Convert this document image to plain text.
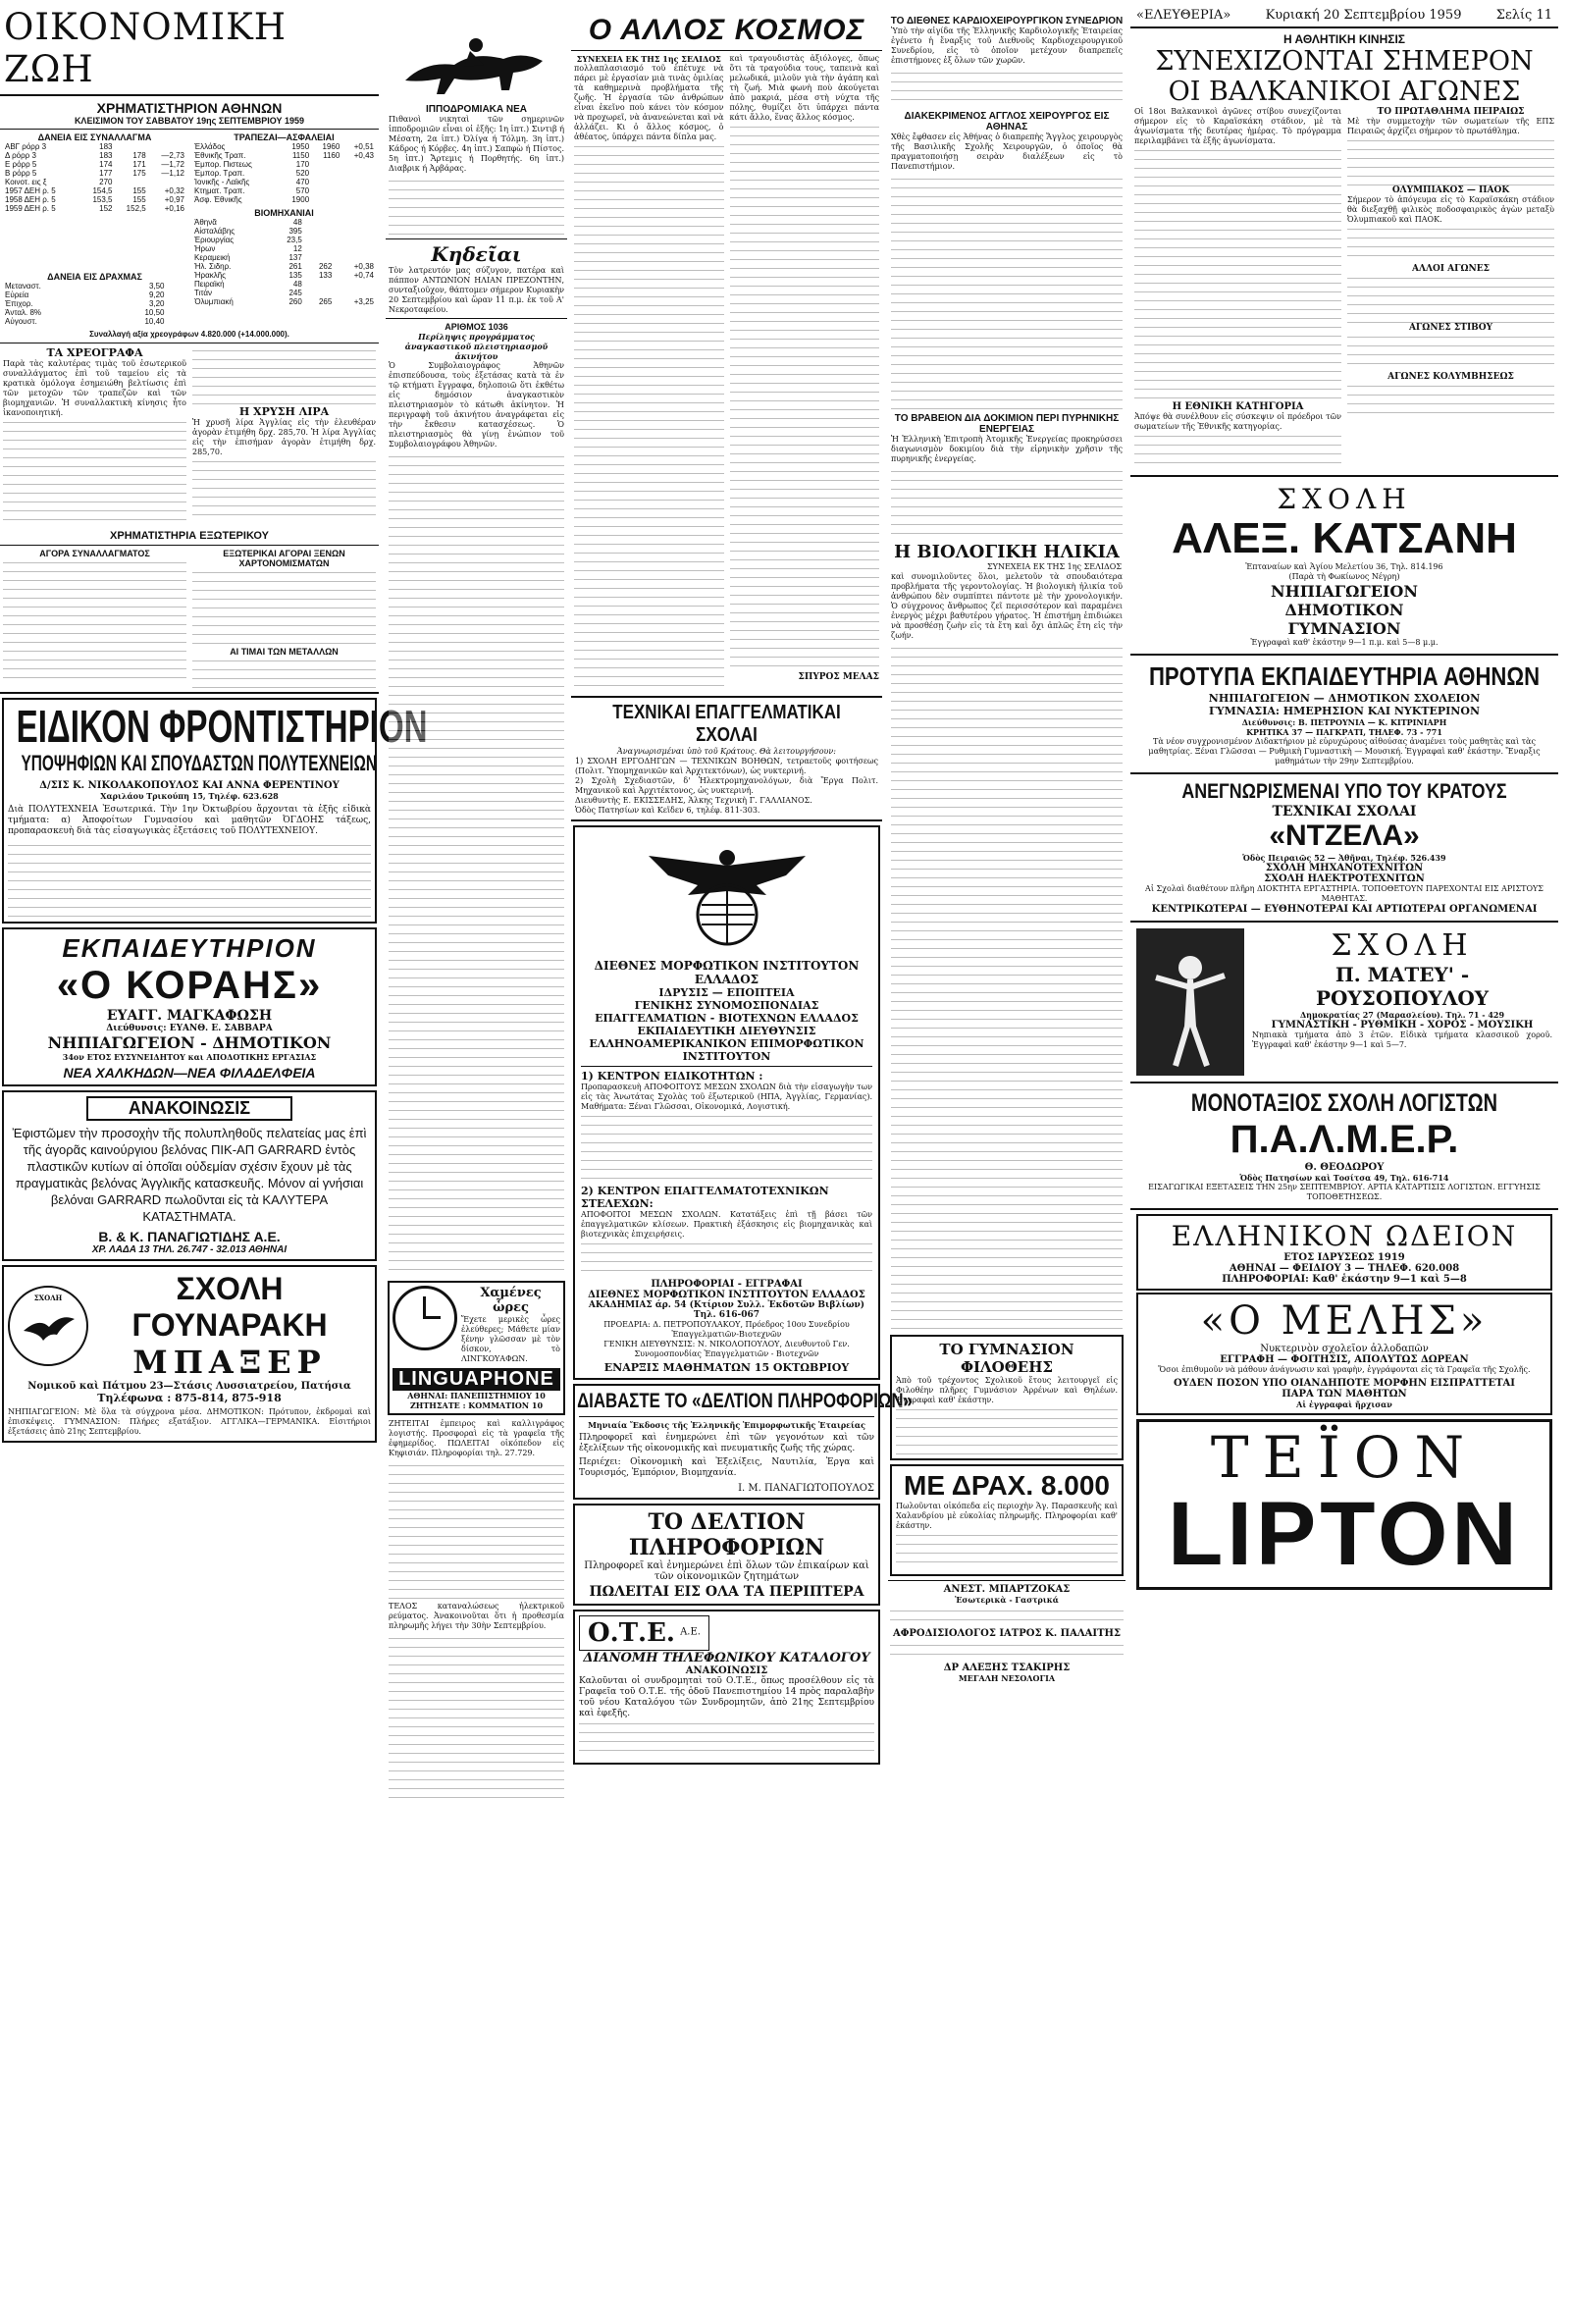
ΟΙΚΟΝΟΜΙΚΗ ΖΩΗ
ΧΡΗΜΑΤΙΣΤΗΡΙΟΝ ΑΘΗΝΩΝ
ΚΛΕΙΣΙΜΟΝ ΤΟΥ ΣΑΒΒΑΤΟΥ 19ης ΣΕΠΤΕΜΒΡΙΟΥ 1959
ΔΑΝΕΙΑ ΕΙΣ ΣΥΝΑΛΛΑΓΜΑ
ΑΒΓ ρόρρ 3	183		
Δ ρόρρ 3	183	178	—2,73
Ε ρόρρ 5	174	171	—1,72
Β ρόρρ 5	177	175	—1,12
Κοινοτ. εις ξ	270		
1957 ΔΕΗ ρ. 5	154,5	155	+0,32
1958 ΔΕΗ ρ. 5	153,5	155	+0,97
1959 ΔΕΗ ρ. 5	152	152,5	+0,16
ΔΑΝΕΙΑ ΕΙΣ ΔΡΑΧΜΑΣ
Μεταναστ.	3,50		
Εὐρεία	9,20		
Ἐπιχορ.	3,20		
Ἀνταλ. 8%	10,50		
Αὐγουστ.	10,40		
ΤΡΑΠΕΖΑΙ—ΑΣΦΑΛΕΙΑΙ
Ἑλλάδος	1950	1960	+0,51
Ἐθνικῆς Τραπ.	1150	1160	+0,43
Ἐμπορ. Πιστεως	170		
Ἐμπορ. Τραπ.	520		
Ἰονικῆς - Λαϊκῆς	470		
Κτηματ. Τραπ.	570		
Ἀσφ. Ἐθνικῆς	1900		
ΒΙΟΜΗΧΑΝΙΑΙ
Ἀθηνᾶ	48		
Αἰσταλάβης	395		
Ἐριουργίας	23,5		
Ἡρων	12		
Κεραμεική	137		
Ἡλ. Σιδηρ.	261	262	+0,38
Ἡρακλῆς	135	133	+0,74
Πειραϊκή	48		
Τιτάν	245		
Ὀλυμπιακή	260	265	+3,25
Συναλλαγή αξία χρεογράφων 4.820.000 (+14.000.000).
ΤΑ ΧΡΕΟΓΡΑΦΑ
Παρὰ τὰς καλυτέρας τιμὰς τοῦ ἐσωτερικοῦ συναλλάγματος ἐπὶ τοῦ ταμείου εἰς τὰ κρατικὰ ὁμόλογα ἐσημειώθη βελτίωσις ἐπὶ τῶν μετοχῶν τῶν τραπεζῶν καὶ τῶν βιομηχανιῶν. Ἡ συναλλακτικὴ κίνησις ἦτο ἱκανοποιητική.	Η ΧΡΥΣΗ ΛΙΡΑ
Ἡ χρυσῆ λίρα Ἀγγλίας εἰς τὴν ἐλευθέραν ἀγορὰν ἐτιμήθη δρχ. 285,70. Ἡ λίρα Ἀγγλίας εἰς τὴν ἐπισήμαν ἀγορὰν ἐτιμήθη δρχ. 285,70.
ΧΡΗΜΑΤΙΣΤΗΡΙΑ ΕΞΩΤΕΡΙΚΟΥ
ΑΓΟΡΑ ΣΥΝΑΛΛΑΓΜΑΤΟΣ	ΕΞΩΤΕΡΙΚΑΙ ΑΓΟΡΑΙ ΞΕΝΩΝ ΧΑΡΤΟΝΟΜΙΣΜΑΤΩΝ
ΑΙ ΤΙΜΑΙ ΤΩΝ ΜΕΤΑΛΛΩΝ
ΕΙΔΙΚΟΝ ΦΡΟΝΤΙΣΤΗΡΙΟΝ
ΥΠΟΨΗΦΙΩΝ ΚΑΙ ΣΠΟΥΔΑΣΤΩΝ ΠΟΛΥΤΕΧΝΕΙΩΝ
Δ/ΣΙΣ Κ. ΝΙΚΟΛΑΚΟΠΟΥΛΟΣ ΚΑΙ ΑΝΝΑ ΦΕΡΕΝΤΙΝΟΥ
Χαριλάου Τρικούπη 15, Τηλέφ. 623.628
Διὰ ΠΟΛΥΤΕΧΝΕΙΑ Ἐσωτερικά. Τὴν 1ην Ὀκτωβρίου ἄρχονται τὰ ἑξῆς εἰδικὰ τμήματα: α) Ἀποφοίτων Γυμνασίου καὶ μαθητῶν ὈΓΔΟΗΣ τάξεως, προπαρασκευὴ διὰ τὰς εἰσαγωγικὰς ἐξετάσεις τοῦ ΠΟΛΥΤΕΧΝΕΙΟΥ.
ΕΚΠΑΙΔΕΥΤΗΡΙΟΝ
«Ο ΚΟΡΑΗΣ»
ΕΥΑΓΓ. ΜΑΓΚΑΦΩΣΗ
Διεύθυνσις: ΕΥΑΝΘ. Ε. ΣΑΒΒΑΡΑ
ΝΗΠΙΑΓΩΓΕΙΟΝ - ΔΗΜΟΤΙΚΟΝ
34ον ΕΤΟΣ ΕΥΣΥΝΕΙΔΗΤΟΥ και ΑΠΟΔΟΤΙΚΗΣ ΕΡΓΑΣΙΑΣ
ΝΕΑ ΧΑΛΚΗΔΩΝ—ΝΕΑ ΦΙΛΑΔΕΛΦΕΙΑ
ΑΝΑΚΟΙΝΩΣΙΣ
Ἐφιστῶμεν τὴν προσοχὴν τῆς πολυπληθοῦς πελατείας μας ἐπὶ τῆς ἀγορᾶς καινούργιου βελόνας ΠΙΚ-ΑΠ GARRARD ἐντὸς πλαστικῶν κυτίων αἱ ὁποῖαι οὐδεμίαν σχέσιν ἔχουν μὲ τὰς πραγματικὰς βελόνας Ἀγγλικῆς κατασκευῆς. Μόνον αἱ γνήσιαι βελόναι GARRARD πωλοῦνται εἰς τὰ ΚΑΛΥΤΕΡΑ ΚΑΤΑΣΤΗΜΑΤΑ.
Β. & Κ. ΠΑΝΑΓΙΩΤΙΔΗΣ Α.Ε.
ΧΡ. ΛΑΔΑ 13 ΤΗΛ. 26.747 - 32.013 ΑΘΗΝΑΙ
ΣΧΟΛΗ	ΣΧΟΛΗ ΓΟΥΝΑΡΑΚΗ
ΜΠΑΞΕΡ
Νομικοῦ καὶ Πάτμου 23—Στάσις Λυσσιατρείου, Πατήσια
Τηλέφωνα : 875-814, 875-918
ΝΗΠΙΑΓΩΓΕΙΟΝ: Μὲ ὅλα τὰ σύγχρονα μέσα. ΔΗΜΟΤΙΚΟΝ: Πρότυπον, ἐκδρομαὶ καὶ ἐπισκέψεις. ΓΥΜΝΑΣΙΟΝ: Πλήρες εξατάξιον. ΑΓΓΛΙΚΑ—ΓΕΡΜΑΝΙΚΑ. Εἰσιτήριοι ἐξετάσεις ἀπὸ 21ης Σεπτεμβρίου.
ΙΠΠΟΔΡΟΜΙΑΚΑ ΝΕΑ
Πιθανοὶ νικηταὶ τῶν σημερινῶν ἱπποδρομιῶν εἶναι οἱ ἑξῆς: 1η ἰπτ.) Σιντιβ ή Μέσατη, 2α ἰπτ.) Ὀλίγα ή Τόλμη. 3η ἰπτ.) Κάδρος ή Κόρβες. 4η ἰπτ.) Σαπφὼ ή Πίστος. 5η ἰπτ.) Ἄρτεμις ή Πορθητής. 6η ἰπτ.) Διαβρικ ή Ἀρβάρας.
Κηδεῖαι
Τὸν λατρευτόν μας σύζυγον, πατέρα καὶ πάππον ΑΝΤΩΝΙΟΝ ΗΛΙΑΝ ΠΡΕΖΟΝΤΗΝ, συνταξιοῦχον, θάπτομεν σήμερον Κυριακὴν 20 Σεπτεμβρίου καὶ ὥραν 11 π.μ. ἐκ τοῦ Α' Νεκροταφείου.
ΑΡΙΘΜΟΣ 1036
Περίληψις προγράμματος ἀναγκαστικοῦ πλειστηριασμοῦ ἀκινήτου
Ὁ Συμβολαιογράφος Ἀθηνῶν ἐπισπεύδουσα, τοὺς ἐξετάσας κατὰ τὰ ἐν τῷ κτήματι ἔγγραφα, δηλοποιῶ ὅτι ἐκθέτω εἰς δημόσιον ἀναγκαστικὸν πλειστηριασμὸν τὸ κάτωθι ἀκίνητον. Ἡ περιγραφὴ τοῦ ἀκινήτου ἀναγράφεται εἰς τὴν ἔκθεσιν κατασχέσεως. Ὁ πλειστηριασμὸς θὰ γίνῃ ἐνώπιον τοῦ Συμβολαιογράφου Ἀθηνῶν.
Χαμένες ὧρες
Ἔχετε μερικὲς ὧρες ἐλεύθερες; Μάθετε μίαν ξένην γλῶσσαν μὲ τὸν δίσκον, τὸ ΛΙΝΓΚΟΥΑΦΩΝ.
LINGUAPHONE
ΑΘΗΝΑΙ: ΠΑΝΕΠΙΣΤΗΜΙΟΥ 10
ΖΗΤΗΣΑΤΕ : ΚΟΜΜΑΤΙΟΝ 10
ΖΗΤΕΙΤΑΙ ἐμπειρος καὶ καλλιγράφος λογιστής. Προσφοραὶ εἰς τὰ γραφεῖα τῆς ἐφημερίδος. ΠΩΛΕΙΤΑΙ οἰκόπεδον εἰς Κηφισιάν. Πληροφορίαι τηλ. 27.729.
ΤΕΛΟΣ καταναλώσεως ἠλεκτρικοῦ ρεύματος. Ἀνακοινοῦται ὅτι ἡ προθεσμία πληρωμῆς λήγει τὴν 30ὴν Σεπτεμβρίου.
Ο ΑΛΛΟΣ ΚΟΣΜΟΣ
ΣΥΝΕΧΕΙΑ ΕΚ ΤΗΣ 1ης ΣΕΛΙΔΟΣ
πολλαπλασιασμό τοῦ ἐπέτυχε νὰ πάρει μὲ ἐργασίαν μιὰ τινὰς ὁμιλίας τὰ καθημερινὰ προβλήματα τῆς ζωῆς. Ἡ ἐργασία τῶν ἀνθρώπων εἶναι ἐκεῖνο ποὺ κάνει τὸν κόσμον νὰ προχωρεῖ, νὰ ἀνανεώνεται καὶ νὰ ἀλλάζει. Κι ὁ ἄλλος κόσμος, ὁ ἀθέατος, ὑπάρχει πάντα δίπλα μας.
καὶ τραγουδιστὰς ἀξιόλογες, ὅπως ὅτι τὰ τραγούδια τους, ταπεινὰ καὶ μελωδικά, μιλοῦν γιὰ τὴν ἀγάπη καὶ τὴ ζωή. Μιὰ φωνὴ ποὺ ἀκούγεται ἀπὸ μακριά, μέσα στὴ νύχτα τῆς πόλης, θυμίζει ὅτι ὑπάρχει πάντα κάτι ἄλλο, ἕνας ἄλλος κόσμος.
ΣΠΥΡΟΣ ΜΕΛΑΣ
ΤΕΧΝΙΚΑΙ ΕΠΑΓΓΕΛΜΑΤΙΚΑΙ ΣΧΟΛΑΙ
Ἀναγνωρισμέναι ὑπὸ τοῦ Κράτους. Θὰ λειτουργήσουν:
1) ΣΧΟΛΗ ΕΡΓΟΔΗΓΩΝ — ΤΕΧΝΙΚΩΝ ΒΟΗΘΩΝ, τετραετοῦς φοιτήσεως (Πολιτ. Ὑπομηχανικῶν καὶ Ἀρχιτεκτόνων), ὡς νυκτερινή.
2) Σχολὴ Σχεδιαστῶν, δ' Ἠλεκτρομηχανολόγων, διὰ Ἔργα Πολιτ. Μηχανικοῦ καὶ Ἀρχιτέκτονος, ὡς νυκτερινή.
Διευθυντὴς Ε. ΕΚΙΣΣΕΔΗΣ, Ἀλκης Τεχνικὴ Γ. ΓΑΛΛΙΑΝΟΣ.
Ὁδὸς Πατησίων καὶ Κεϊδεν 6, τηλέφ. 811-303.
ΔΙΕΘΝΕΣ ΜΟΡΦΩΤΙΚΟΝ ΙΝΣΤΙΤΟΥΤΟΝ ΕΛΛΑΔΟΣ
ΙΔΡΥΣΙΣ — ΕΠΟΠΤΕΙΑ
ΓΕΝΙΚΗΣ ΣΥΝΟΜΟΣΠΟΝΔΙΑΣ ΕΠΑΓΓΕΛΜΑΤΙΩΝ - ΒΙΟΤΕΧΝΩΝ ΕΛΛΑΔΟΣ
ΕΚΠΑΙΔΕΥΤΙΚΗ ΔΙΕΥΘΥΝΣΙΣ
ΕΛΛΗΝΟΑΜΕΡΙΚΑΝΙΚΟΝ ΕΠΙΜΟΡΦΩΤΙΚΟΝ ΙΝΣΤΙΤΟΥΤΟΝ
1) ΚΕΝΤΡΟΝ ΕΙΔΙΚΟΤΗΤΩΝ :
Προπαρασκευὴ ΑΠΟΦΟΙΤΟΥΣ ΜΕΣΩΝ ΣΧΟΛΩΝ διὰ τὴν εἰσαγωγὴν των εἰς τὰς Ἀνωτάτας Σχολὰς τοῦ ἐξωτερικοῦ (ΗΠΑ, Ἀγγλίας, Γερμανίας). Μαθήματα: Ξέναι Γλῶσσαι, Οἰκονομικά, Λογιστική.
2) ΚΕΝΤΡΟΝ ΕΠΑΓΓΕΛΜΑΤΟΤΕΧΝΙΚΩΝ ΣΤΕΛΕΧΩΝ:
ΑΠΟΦΟΙΤΟΙ ΜΕΣΩΝ ΣΧΟΛΩΝ. Κατατάξεις ἐπὶ τῇ βάσει τῶν ἐπαγγελματικῶν κλίσεων. Πρακτικὴ ἐξάσκησις εἰς βιομηχανικὰς καὶ βιοτεχνικὰς ἐπιχειρήσεις.
ΠΛΗΡΟΦΟΡΙΑΙ - ΕΓΓΡΑΦΑΙ
ΔΙΕΘΝΕΣ ΜΟΡΦΩΤΙΚΟΝ ΙΝΣΤΙΤΟΥΤΟΝ ΕΛΛΑΔΟΣ
ΑΚΑΔΗΜΙΑΣ άρ. 54 (Κτίριον Συλλ. Ἐκδοτῶν Βιβλίων) Τηλ. 616-067
ΠΡΟΕΔΡΙΑ: Δ. ΠΕΤΡΟΠΟΥΛΑΚΟΥ, Πρόεδρος 10ου Συνεδρίου Ἐπαγγελματιῶν-Βιοτεχνῶν
ΓΕΝΙΚΗ ΔΙΕΥΘΥΝΣΙΣ: Ν. ΝΙΚΟΛΟΠΟΥΛΟΥ, Διευθυντοῦ Γεν. Συνομοσπονδίας Ἐπαγγελματιῶν - Βιοτεχνῶν
ΕΝΑΡΞΙΣ ΜΑΘΗΜΑΤΩΝ 15 ΟΚΤΩΒΡΙΟΥ
ΔΙΑΒΑΣΤΕ ΤΟ «ΔΕΛΤΙΟΝ ΠΛΗΡΟΦΟΡΙΩΝ»
Μηνιαία Ἔκδοσις τῆς Ἑλληνικῆς Ἐπιμορφωτικῆς Ἑταιρείας
Πληροφορεῖ καὶ ἐνημερώνει ἐπὶ τῶν γεγονότων καὶ τῶν ἐξελίξεων τῆς οἰκονομικῆς καὶ πνευματικῆς ζωῆς τῆς χώρας.
Περιέχει: Οἰκονομικὴ καὶ Ἐξελίξεις, Ναυτιλία, Ἐργα καὶ Τουρισμός, Ἐμπόριον, Βιομηχανία.
Ι. Μ. ΠΑΝΑΓΙΩΤΟΠΟΥΛΟΣ
ΤΟ ΔΕΛΤΙΟΝ ΠΛΗΡΟΦΟΡΙΩΝ
Πληροφορεῖ καὶ ἐνημερώνει ἐπὶ ὅλων τῶν ἐπικαίρων καὶ τῶν οἰκονομικῶν ζητημάτων
ΠΩΛΕΙΤΑΙ ΕΙΣ ΟΛΑ ΤΑ ΠΕΡΙΠΤΕΡΑ
Ο.Τ.Ε. $^{A.E.}$
ΔΙΑΝΟΜΗ ΤΗΛΕΦΩΝΙΚΟΥ ΚΑΤΑΛΟΓΟΥ
ΑΝΑΚΟΙΝΩΣΙΣ
Καλοῦνται οἱ συνδρομηταὶ τοῦ Ο.Τ.Ε., ὅπως προσέλθουν εἰς τὰ Γραφεῖα τοῦ Ο.Τ.Ε. τῆς ὁδοῦ Πανεπιστημίου 14 πρὸς παραλαβὴν τοῦ νέου Καταλόγου τῶν Συνδρομητῶν, ἀπὸ 21ης Σεπτεμβρίου καὶ ἐφεξῆς.
ΤΟ ΔΙΕΘΝΕΣ ΚΑΡΔΙΟΧΕΙΡΟΥΡΓΙΚΟΝ ΣΥΝΕΔΡΙΟΝ
Ὑπὸ τὴν αἰγίδα τῆς Ἑλληνικῆς Καρδιολογικῆς Ἑταιρείας ἐγένετο ἡ ἔναρξις τοῦ Διεθνοῦς Καρδιοχειρουργικοῦ Συνεδρίου, εἰς τὸ ὁποῖον μετέχουν διαπρεπεῖς ἐπιστήμονες ἐξ ὅλων τῶν χωρῶν.
ΔΙΑΚΕΚΡΙΜΕΝΟΣ ΑΓΓΛΟΣ ΧΕΙΡΟΥΡΓΟΣ ΕΙΣ ΑΘΗΝΑΣ
Χθὲς ἔφθασεν εἰς Ἀθήνας ὁ διαπρεπὴς Ἄγγλος χειρουργὸς τῆς Βασιλικῆς Σχολῆς Χειρουργῶν, ὁ ὁποῖος θὰ πραγματοποιήσῃ σειρὰν διαλέξεων εἰς τὸ Πανεπιστήμιον.
ΤΟ ΒΡΑΒΕΙΟΝ ΔΙΑ ΔΟΚΙΜΙΟΝ ΠΕΡΙ ΠΥΡΗΝΙΚΗΣ ΕΝΕΡΓΕΙΑΣ
Ἡ Ἑλληνικὴ Ἐπιτροπὴ Ἀτομικῆς Ἐνεργείας προκηρύσσει διαγωνισμὸν δοκιμίου διὰ τὴν εἰρηνικὴν χρῆσιν τῆς πυρηνικῆς ἐνεργείας.
Η ΒΙΟΛΟΓΙΚΗ ΗΛΙΚΙΑ
ΣΥΝΕΧΕΙΑ ΕΚ ΤΗΣ 1ης ΣΕΛΙΔΟΣ
καὶ συνομιλοῦντες ὅλοι, μελετοῦν τὰ σπουδαιότερα προβλήματα τῆς γεροντολογίας. Ἡ βιολογικὴ ἡλικία τοῦ ἀνθρώπου δὲν συμπίπτει πάντοτε μὲ τὴν χρονολογικήν. Ὁ σύγχρονος ἄνθρωπος ζεῖ περισσότερον καὶ παραμένει ἐνεργὸς μέχρι βαθυτέρου γήρατος. Ἡ ἐπιστήμη ἐπιδιώκει νὰ προσθέσῃ ζωὴν εἰς τὰ ἔτη καὶ ὄχι ἁπλῶς ἔτη εἰς τὴν ζωήν.
ΤΟ ΓΥΜΝΑΣΙΟΝ ΦΙΛΟΘΕΗΣ
Ἀπὸ τοῦ τρέχοντος Σχολικοῦ ἔτους λειτουργεῖ εἰς Φιλοθέην πλῆρες Γυμνάσιον Ἀρρένων καὶ Θηλέων. Ἐγγραφαὶ καθ' ἑκάστην.
ΜΕ ΔΡΑΧ. 8.000
Πωλοῦνται οἰκόπεδα εἰς περιοχὴν Ἁγ. Παρασκευῆς καὶ Χαλανδρίου μὲ εὐκολίας πληρωμῆς. Πληροφορίαι καθ' ἑκάστην.
ΑΝΕΣΤ. ΜΠΑΡΤΖΟΚΑΣ
Ἐσωτερικὰ - Γαστρικά
ΑΦΡΟΔΙΣΙΟΛΟΓΟΣ ΙΑΤΡΟΣ Κ. ΠΑΛΑΙΤΗΣ
ΔΡ ΑΛΕΞΗΣ ΤΣΑΚΙΡΗΣ
ΜΕΓΑΛΗ ΝΕΣΟΛΟΓΙΑ
«ΕΛΕΥΘΕΡΙΑ»	Κυριακή 20 Σεπτεμβρίου 1959	Σελίς 11
Η ΑΘΛΗΤΙΚΗ ΚΙΝΗΣΙΣ
ΣΥΝΕΧΙΖΟΝΤΑΙ ΣΗΜΕΡΟΝ
ΟΙ ΒΑΛΚΑΝΙΚΟΙ ΑΓΩΝΕΣ
Οἱ 18οι Βαλκανικοὶ ἀγῶνες στίβου συνεχίζονται σήμερον εἰς τὸ Καραϊσκάκη στάδιον, μὲ τὰ ἀγωνίσματα τῆς δευτέρας ἡμέρας. Τὸ πρόγραμμα περιλαμβάνει τὰ ἑξῆς ἀγωνίσματα.
Η ΕΘΝΙΚΗ ΚΑΤΗΓΟΡΙΑ
Ἀπόψε θὰ συνέλθουν εἰς σύσκεψιν οἱ πρόεδροι τῶν σωματείων τῆς Ἐθνικῆς κατηγορίας.
ΤΟ ΠΡΩΤΑΘΛΗΜΑ ΠΕΙΡΑΙΩΣ
Μὲ τὴν συμμετοχὴν τῶν σωματείων τῆς ΕΠΣ Πειραιῶς ἀρχίζει σήμερον τὸ πρωτάθλημα.
ΟΛΥΜΠΙΑΚΟΣ — ΠΑΟΚ
Σήμερον τὸ ἀπόγευμα εἰς τὸ Καραϊσκάκη στάδιον θὰ διεξαχθῇ φιλικὸς ποδοσφαιρικὸς ἀγὼν μεταξὺ Ὀλυμπιακοῦ καὶ ΠΑΟΚ.
ΑΛΛΟΙ ΑΓΩΝΕΣ
ΑΓΩΝΕΣ ΣΤΙΒΟΥ
ΑΓΩΝΕΣ ΚΟΛΥΜΒΗΣΕΩΣ
ΣΧΟΛΗ
ΑΛΕΞ. ΚΑΤΣΑΝΗ
Ἐπταναίων καὶ Ἁγίου Μελετίου 36, Τηλ. 814.196
(Παρὰ τὴ Φωκίωνος Νέγρη)
ΝΗΠΙΑΓΩΓΕΙΟΝ
ΔΗΜΟΤΙΚΟΝ
ΓΥΜΝΑΣΙΟΝ
Ἐγγραφαὶ καθ' ἑκάστην 9—1 π.μ. καὶ 5—8 μ.μ.
ΠΡΟΤΥΠΑ ΕΚΠΑΙΔΕΥΤΗΡΙΑ ΑΘΗΝΩΝ
ΝΗΠΙΑΓΩΓΕΙΟΝ — ΔΗΜΟΤΙΚΟΝ ΣΧΟΛΕΙΟΝ
ΓΥΜΝΑΣΙΑ: ΗΜΕΡΗΣΙΟΝ ΚΑΙ ΝΥΚΤΕΡΙΝΟΝ
Διεύθυνσις: Β. ΠΕΤΡΟΥΝΙΑ — Κ. ΚΙΤΡΙΝΙΑΡΗ
ΚΡΗΤΙΚΑ 37 — ΠΑΓΚΡΑΤΙ, ΤΗΛΕΦ. 73 - 771
Τὰ νέον συγχρονισμένον Διδακτήριον μὲ εὐρυχώρους αἰθούσας ἀναμένει τοὺς μαθητὰς καὶ τὰς μαθητρίας. Ξέναι Γλῶσσαι — Ρυθμικὴ Γυμναστικὴ — Μουσική. Ἐγγραφαὶ καθ' ἑκάστην. Ἔναρξις μαθημάτων τὴν 29ην Σεπτεμβρίου.
ΑΝΕΓΝΩΡΙΣΜΕΝΑΙ ΥΠΟ ΤΟΥ ΚΡΑΤΟΥΣ
ΤΕΧΝΙΚΑΙ ΣΧΟΛΑΙ
«ΝΤΖΕΛΑ»
Ὁδὸς Πειραιῶς 52 — Ἀθῆναι, Τηλέφ. 526.439
ΣΧΟΛΗ ΜΗΧΑΝΟΤΕΧΝΙΤΩΝ
ΣΧΟΛΗ ΗΛΕΚΤΡΟΤΕΧΝΙΤΩΝ
Αἱ Σχολαὶ διαθέτουν πλῆρη ΔΙΟΚΤΗΤΑ ΕΡΓΑΣΤΗΡΙΑ. ΤΟΠΟΘΕΤΟΥΝ ΠΑΡΕΧΟΝΤΑΙ ΕΙΣ ΑΡΙΣΤΟΥΣ ΜΑΘΗΤΑΣ.
ΚΕΝΤΡΙΚΩΤΕΡΑΙ — ΕΥΘΗΝΟΤΕΡΑΙ ΚΑΙ ΑΡΤΙΩΤΕΡΑΙ ΟΡΓΑΝΩΜΕΝΑΙ
ΣΧΟΛΗ
Π. ΜΑΤΕΥ' - ΡΟΥΣΟΠΟΥΛΟΥ
Δημοκρατίας 27 (Μαρασλείου). Τηλ. 71 - 429
ΓΥΜΝΑΣΤΙΚΗ - ΡΥΘΜΙΚΗ - ΧΟΡΟΣ - ΜΟΥΣΙΚΗ
Νηπιακὰ τμήματα ἀπὸ 3 ἐτῶν. Εἰδικὰ τμήματα κλασσικοῦ χοροῦ. Ἐγγραφαὶ καθ' ἑκάστην 9—1 καὶ 5—7.
ΜΟΝΟΤΑΞΙΟΣ ΣΧΟΛΗ ΛΟΓΙΣΤΩΝ
Π.Α.Λ.Μ.Ε.Ρ.
Θ. ΘΕΟΔΩΡΟΥ
Ὁδὸς Πατησίων καὶ Τοσίτσα 49, Τηλ. 616-714
ΕΙΣΑΓΩΓΙΚΑΙ ΕΞΕΤΑΣΕΙΣ ΤΗΝ 25ην ΣΕΠΤΕΜΒΡΙΟΥ. ΑΡΤΙΑ ΚΑΤΑΡΤΙΣΙΣ ΛΟΓΙΣΤΩΝ. ΕΓΓΥΗΣΙΣ ΤΟΠΟΘΕΤΗΣΕΩΣ.
ΕΛΛΗΝΙΚΟΝ ΩΔΕΙΟΝ
ΕΤΟΣ ΙΔΡΥΣΕΩΣ 1919
ΑΘΗΝΑΙ — ΦΕΙΔΙΟΥ 3 — ΤΗΛΕΦ. 620.008
ΠΛΗΡΟΦΟΡΙΑΙ: Καθ' ἑκάστην 9—1 καὶ 5—8
«Ο ΜΕΛΗΣ»
Νυκτερινὸν σχολεῖον ἀλλοδαπῶν
ΕΓΓΡΑΦΗ — ΦΟΙΤΗΣΙΣ, ΑΠΟΛΥΤΩΣ ΔΩΡΕΑΝ
Ὅσοι ἐπιθυμοῦν νὰ μάθουν ἀνάγνωσιν καὶ γραφὴν, ἐγγράφονται εἰς τὰ Γραφεῖα τῆς Σχολῆς.
ΟΥΔΕΝ ΠΟΣΟΝ ΥΠΟ ΟΙΑΝΔΗΠΟΤΕ ΜΟΡΦΗΝ ΕΙΣΠΡΑΤΤΕΤΑΙ
ΠΑΡΑ ΤΩΝ ΜΑΘΗΤΩΝ
Αἱ ἐγγραφαὶ ἤρχισαν
ΤΕΪΟΝ
LIPTON
